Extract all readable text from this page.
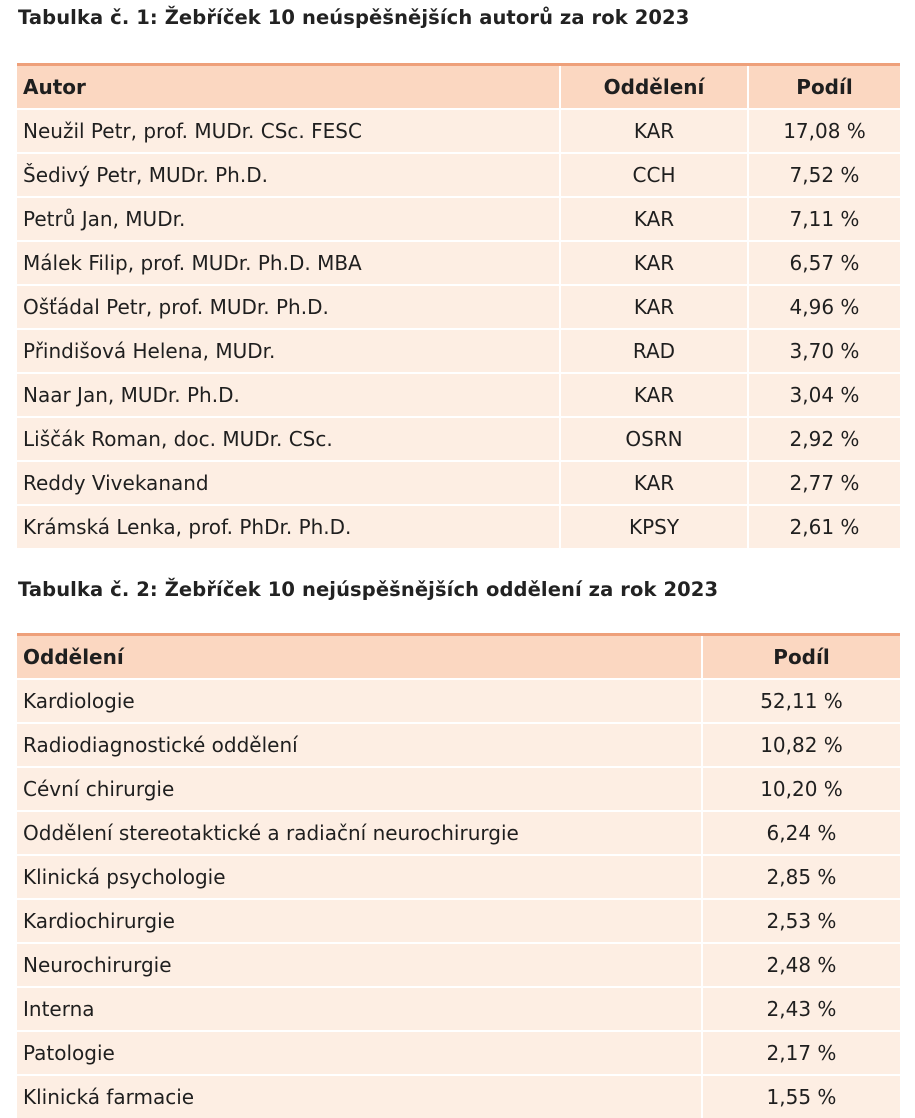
Tabulka č. 1: Žebříček 10 neúspěšnějších autorů za rok 2023
Autor	Oddělení	Podíl
Neužil Petr, prof. MUDr. CSc. FESC	KAR	17,08 %
Šedivý Petr, MUDr. Ph.D.	CCH	7,52 %
Petrů Jan, MUDr.	KAR	7,11 %
Málek Filip, prof. MUDr. Ph.D. MBA	KAR	6,57 %
Ošťádal Petr, prof. MUDr. Ph.D.	KAR	4,96 %
Přindišová Helena, MUDr.	RAD	3,70 %
Naar Jan, MUDr. Ph.D.	KAR	3,04 %
Liščák Roman, doc. MUDr. CSc.	OSRN	2,92 %
Reddy Vivekanand	KAR	2,77 %
Krámská Lenka, prof. PhDr. Ph.D.	KPSY	2,61 %
Tabulka č. 2: Žebříček 10 nejúspěšnějších oddělení za rok 2023
Oddělení	Podíl
Kardiologie	52,11 %
Radiodiagnostické oddělení	10,82 %
Cévní chirurgie	10,20 %
Oddělení stereotaktické a radiační neurochirurgie	6,24 %
Klinická psychologie	2,85 %
Kardiochirurgie	2,53 %
Neurochirurgie	2,48 %
Interna	2,43 %
Patologie	2,17 %
Klinická farmacie	1,55 %
